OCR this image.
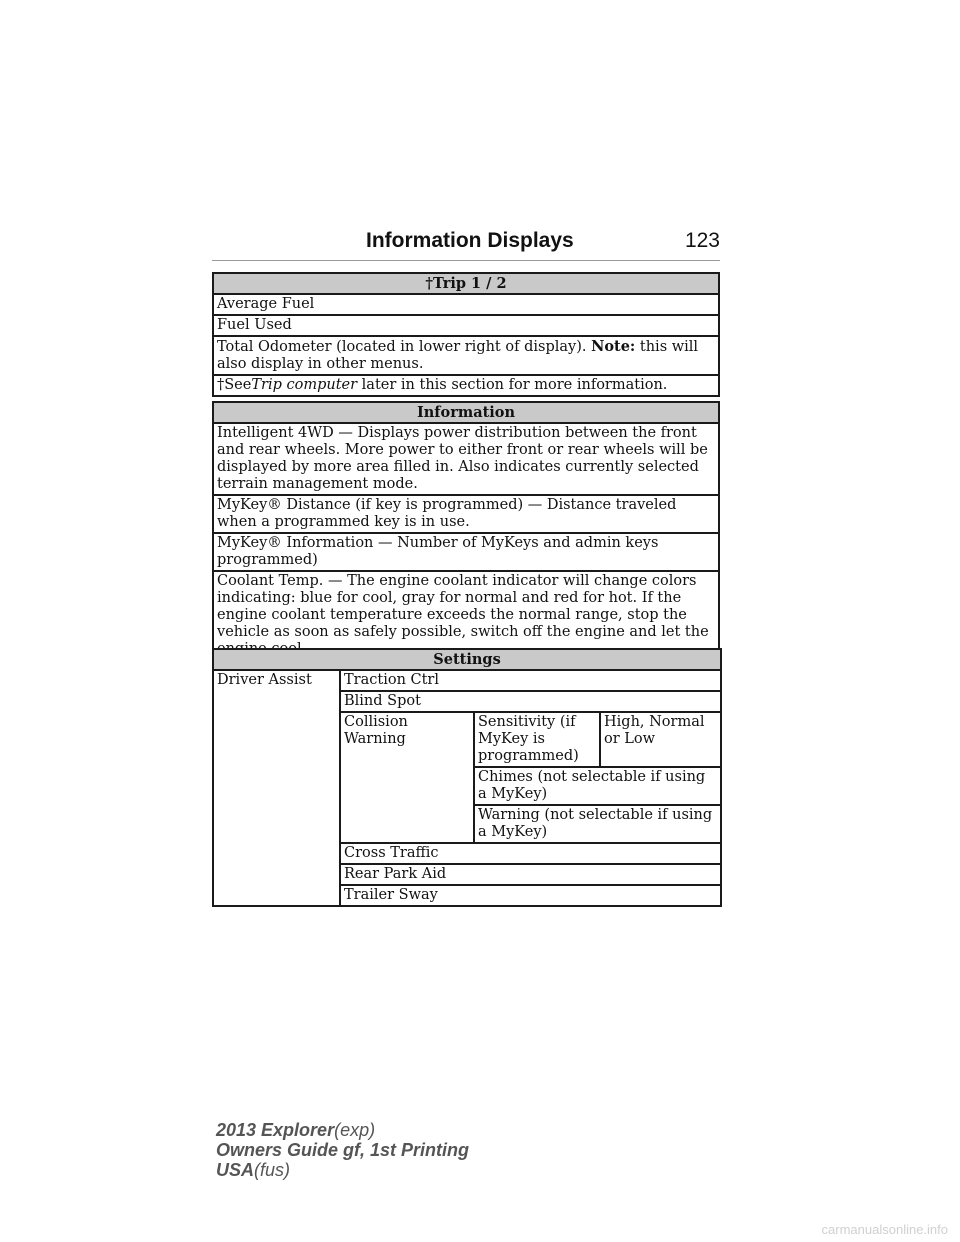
Information Displays	123
†Trip 1 / 2
Average Fuel
Fuel Used
Total Odometer (located in lower right of display). Note: this will also display in other menus.
†SeeTrip computer later in this section for more information.
Information
Intelligent 4WD — Displays power distribution between the front and rear wheels. More power to either front or rear wheels will be displayed by more area filled in. Also indicates currently selected terrain management mode.
MyKey® Distance (if key is programmed) — Distance traveled when a programmed key is in use.
MyKey® Information — Number of MyKeys and admin keys programmed)
Coolant Temp. — The engine coolant indicator will change colors indicating: blue for cool, gray for normal and red for hot. If the engine coolant temperature exceeds the normal range, stop the vehicle as soon as safely possible, switch off the engine and let the
Settings			
Driver Assist	Traction Ctrl		
	Blind Spot		
	Collision Warning	Sensitivity (if MyKey is programmed)	High, Normal or Low
		Chimes (not selectable if using a MyKey)	
		Warning (not selectable if using a MyKey)	
	Cross Traffic		
	Rear Park Aid		
	Trailer Sway		
2013 Explorer(exp)
Owners Guide gf, 1st Printing
USA(fus)
carmanualsonline.info
